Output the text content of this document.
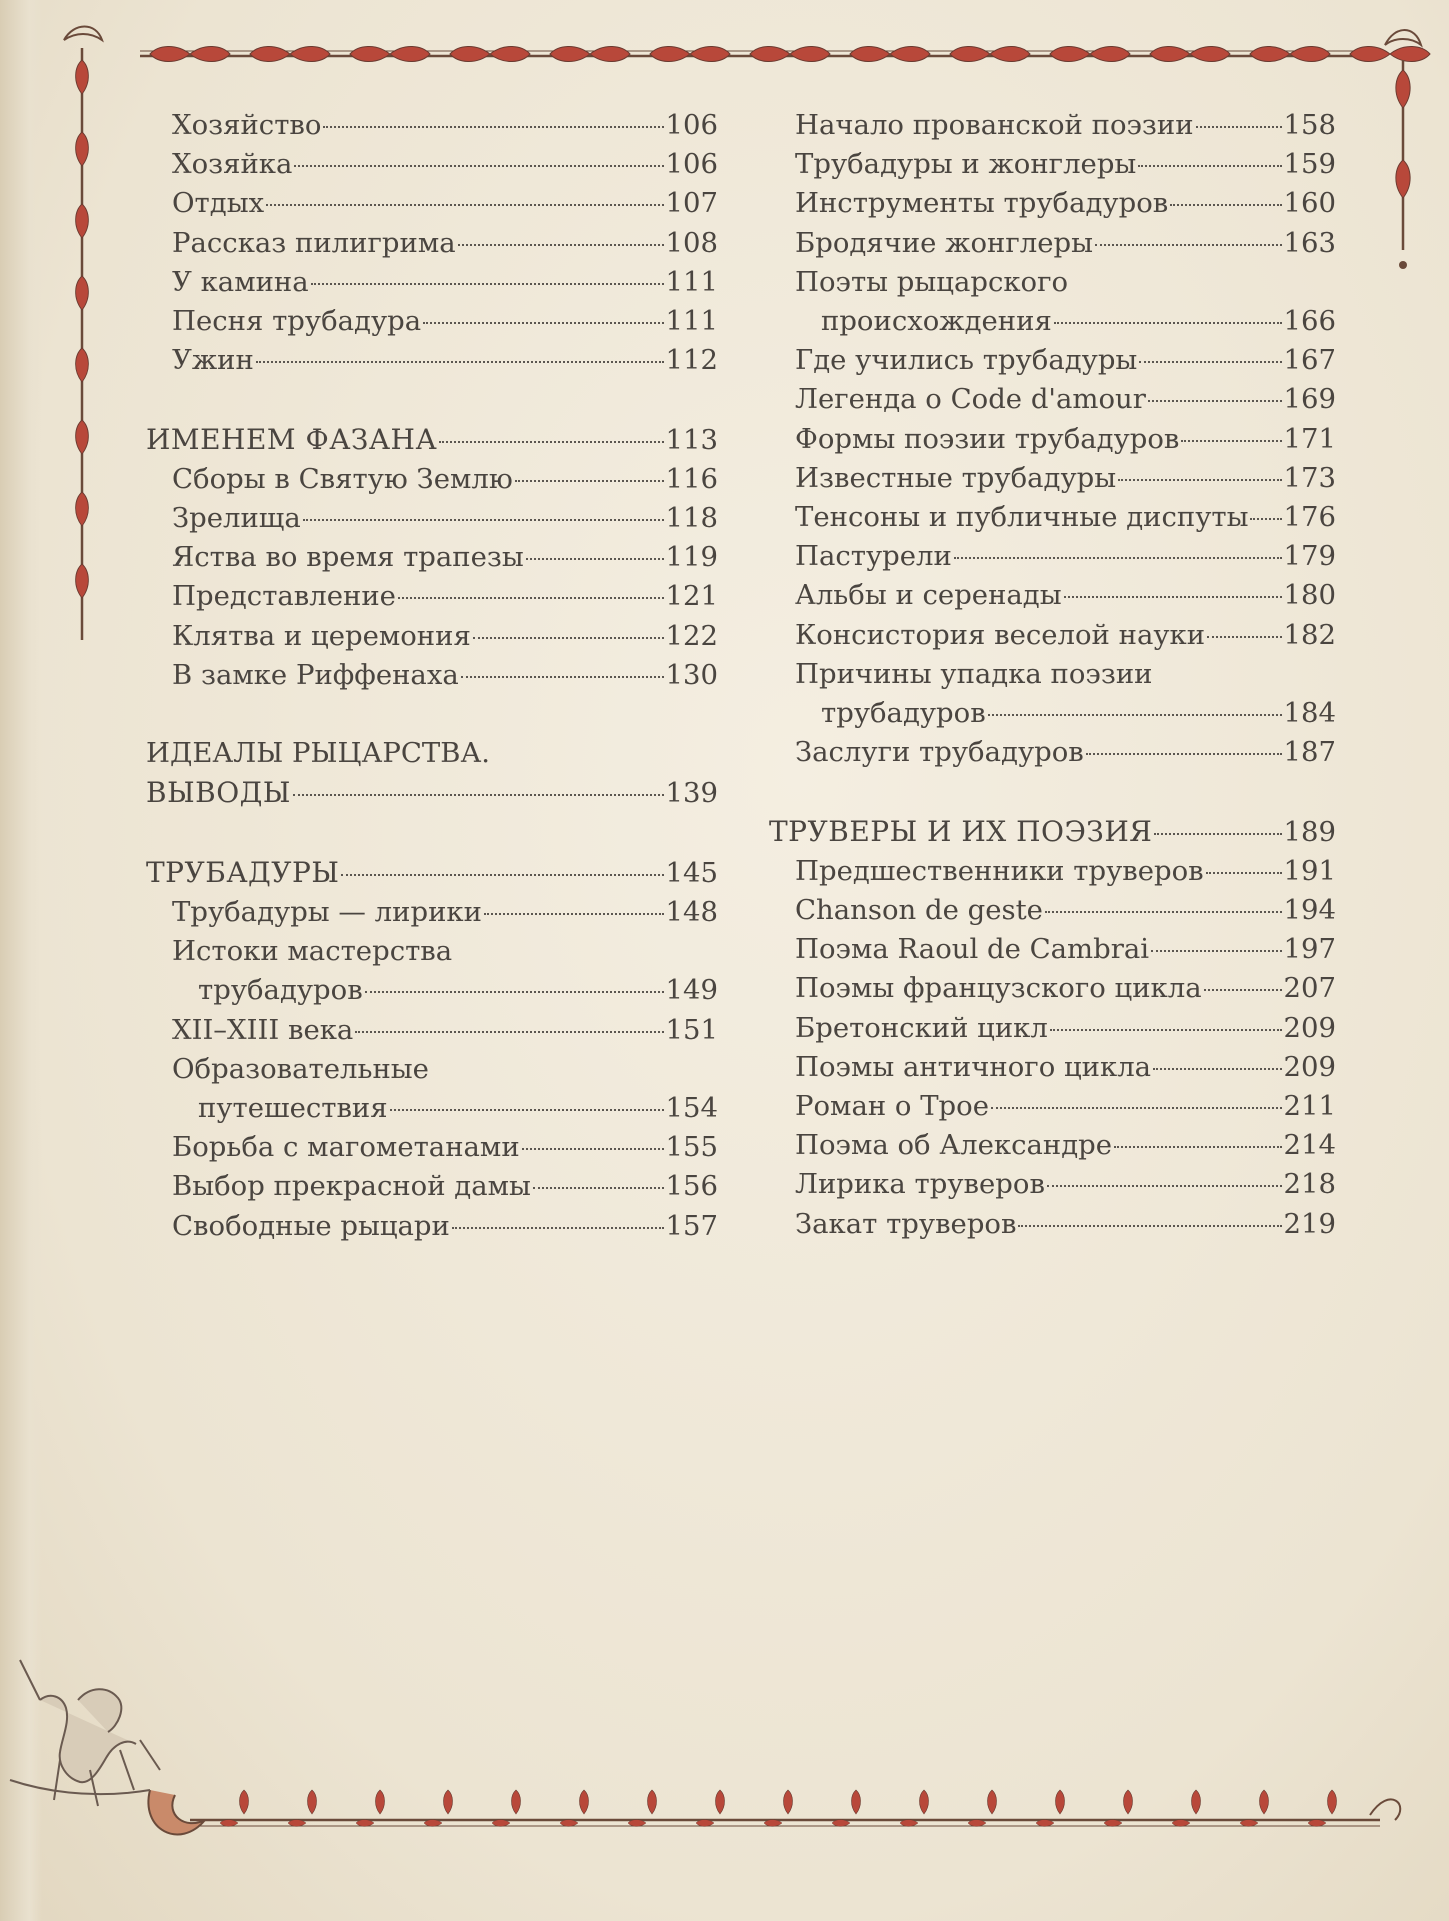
Хозяйство	106
Хозяйка	106
Отдых	107
Рассказ пилигрима	108
У камина	111
Песня трубадура	111
Ужин	112
ИМЕНЕМ ФАЗАНА	113
Сборы в Святую Землю	116
Зрелища	118
Яства во время трапезы	119
Представление	121
Клятва и церемония	122
В замке Риффенаха	130
ИДЕАЛЫ РЫЦАРСТВА.
ВЫВОДЫ	139
ТРУБАДУРЫ	145
Трубадуры — лирики	148
Истоки мастерства
трубадуров	149
XII–XIII века	151
Образовательные
путешествия	154
Борьба с магометанами	155
Выбор прекрасной дамы	156
Свободные рыцари	157
Начало прованской поэзии	158
Трубадуры и жонглеры	159
Инструменты трубадуров	160
Бродячие жонглеры	163
Поэты рыцарского
происхождения	166
Где учились трубадуры	167
Легенда о Code d'amour	169
Формы поэзии трубадуров	171
Известные трубадуры	173
Тенсоны и публичные диспуты 176
Пастурели	179
Альбы и серенады	180
Консистория веселой науки	182
Причины упадка поэзии
трубадуров	184
Заслуги трубадуров	187
ТРУВЕРЫ И ИХ ПОЭЗИЯ	189
Предшественники труверов	191
Chanson de geste	194
Поэма Raoul de Cambrai	197
Поэмы французского цикла	207
Бретонский цикл	209
Поэмы античного цикла	209
Роман о Трое	211
Поэма об Александре	214
Лирика труверов	218
Закат труверов	219
